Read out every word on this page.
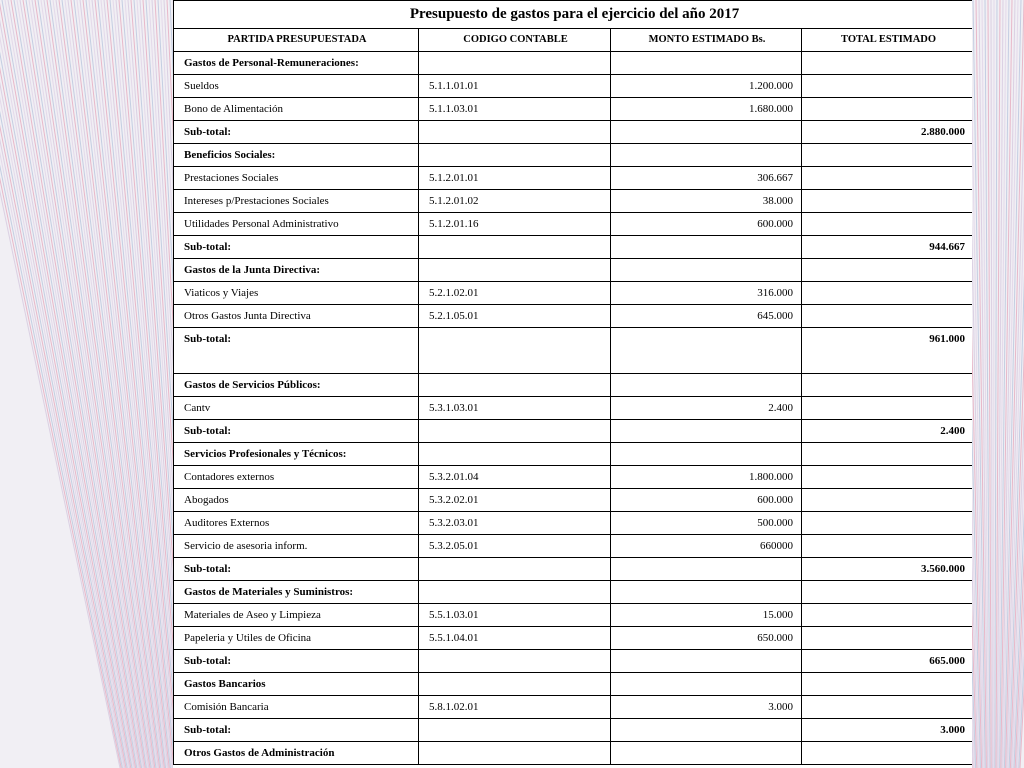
Presupuesto de gastos para el ejercicio del año 2017			
PARTIDA PRESUPUESTADA	CODIGO CONTABLE	MONTO ESTIMADO Bs.	TOTAL ESTIMADO
Gastos de Personal-Remuneraciones:			
Sueldos	5.1.1.01.01	1.200.000	
Bono de Alimentación	5.1.1.03.01	1.680.000	
Sub-total:			2.880.000
Beneficios Sociales:			
Prestaciones Sociales	5.1.2.01.01	306.667	
Intereses p/Prestaciones Sociales	5.1.2.01.02	38.000	
Utilidades Personal Administrativo	5.1.2.01.16	600.000	
Sub-total:			944.667
Gastos de la Junta Directiva:			
Viaticos y Viajes	5.2.1.02.01	316.000	
Otros Gastos Junta Directiva	5.2.1.05.01	645.000	
Sub-total:			961.000
Gastos de Servicios Públicos:			
Cantv	5.3.1.03.01	2.400	
Sub-total:			2.400
Servicios Profesionales y Técnicos:			
Contadores externos	5.3.2.01.04	1.800.000	
Abogados	5.3.2.02.01	600.000	
Auditores Externos	5.3.2.03.01	500.000	
Servicio de asesoria inform.	5.3.2.05.01	660000	
Sub-total:			3.560.000
Gastos de Materiales y Suministros:			
Materiales de Aseo y Limpieza	5.5.1.03.01	15.000	
Papeleria y Utiles de Oficina	5.5.1.04.01	650.000	
Sub-total:			665.000
Gastos Bancarios			
Comisión Bancaria	5.8.1.02.01	3.000	
Sub-total:			3.000
Otros Gastos de Administración			
